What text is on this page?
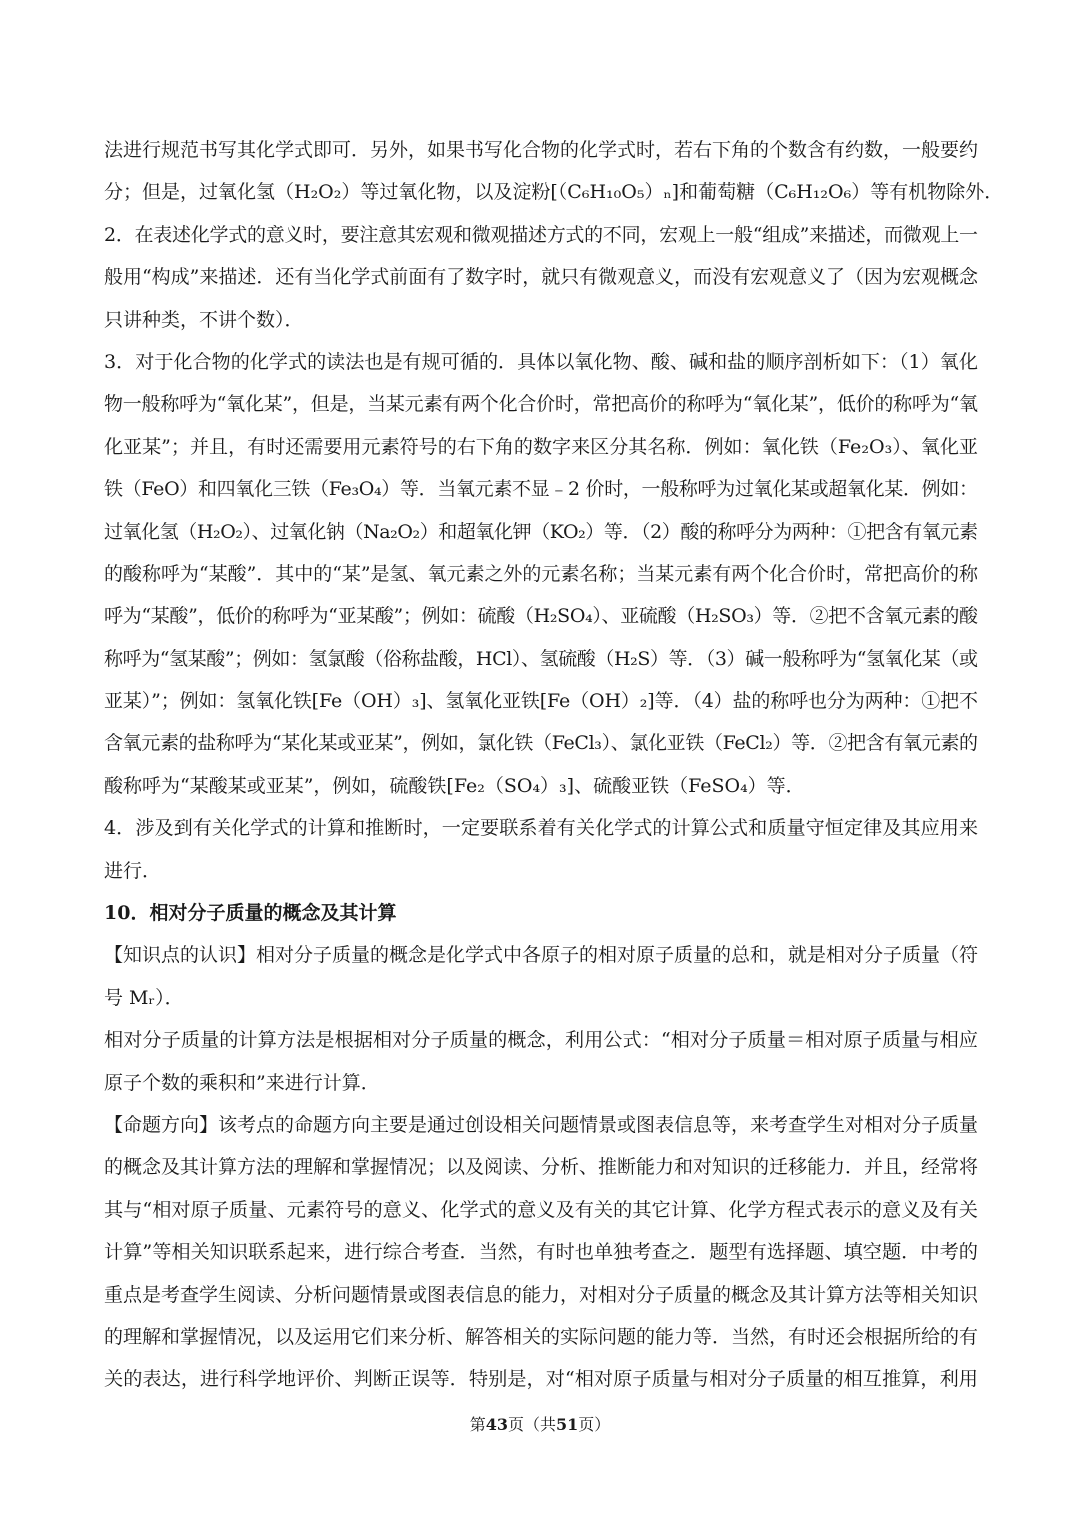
法进行规范书写其化学式即可．另外，如果书写化合物的化学式时，若右下角的个数含有约数，一般要约
分；但是，过氧化氢（H₂O₂）等过氧化物，以及淀粉[（C₆H₁₀O₅）ₙ]和葡萄糖（C₆H₁₂O₆）等有机物除外．
2．在表述化学式的意义时，要注意其宏观和微观描述方式的不同，宏观上一般“组成”来描述，而微观上一
般用“构成”来描述．还有当化学式前面有了数字时，就只有微观意义，而没有宏观意义了（因为宏观概念
只讲种类，不讲个数）．
3．对于化合物的化学式的读法也是有规可循的．具体以氧化物、酸、碱和盐的顺序剖析如下：（1）氧化
物一般称呼为“氧化某”，但是，当某元素有两个化合价时，常把高价的称呼为“氧化某”，低价的称呼为“氧
化亚某”；并且，有时还需要用元素符号的右下角的数字来区分其名称．例如：氧化铁（Fe₂O₃）、氧化亚
铁（FeO）和四氧化三铁（Fe₃O₄）等．当氧元素不显﹣2 价时，一般称呼为过氧化某或超氧化某．例如：
过氧化氢（H₂O₂）、过氧化钠（Na₂O₂）和超氧化钾（KO₂）等．（2）酸的称呼分为两种：①把含有氧元素
的酸称呼为“某酸”．其中的“某”是氢、氧元素之外的元素名称；当某元素有两个化合价时，常把高价的称
呼为“某酸”，低价的称呼为“亚某酸”；例如：硫酸（H₂SO₄）、亚硫酸（H₂SO₃）等．②把不含氧元素的酸
称呼为“氢某酸”；例如：氢氯酸（俗称盐酸，HCl）、氢硫酸（H₂S）等．（3）碱一般称呼为“氢氧化某（或
亚某）”；例如：氢氧化铁[Fe（OH）₃]、氢氧化亚铁[Fe（OH）₂]等．（4）盐的称呼也分为两种：①把不
含氧元素的盐称呼为“某化某或亚某”，例如，氯化铁（FeCl₃）、氯化亚铁（FeCl₂）等．②把含有氧元素的
酸称呼为“某酸某或亚某”，例如，硫酸铁[Fe₂（SO₄）₃]、硫酸亚铁（FeSO₄）等．
4．涉及到有关化学式的计算和推断时，一定要联系着有关化学式的计算公式和质量守恒定律及其应用来
进行．
10．相对分子质量的概念及其计算
【知识点的认识】相对分子质量的概念是化学式中各原子的相对原子质量的总和，就是相对分子质量（符
号 Mᵣ）．
相对分子质量的计算方法是根据相对分子质量的概念，利用公式：“相对分子质量＝相对原子质量与相应
原子个数的乘积和”来进行计算．
【命题方向】该考点的命题方向主要是通过创设相关问题情景或图表信息等，来考查学生对相对分子质量
的概念及其计算方法的理解和掌握情况；以及阅读、分析、推断能力和对知识的迁移能力．并且，经常将
其与“相对原子质量、元素符号的意义、化学式的意义及有关的其它计算、化学方程式表示的意义及有关
计算”等相关知识联系起来，进行综合考查．当然，有时也单独考查之．题型有选择题、填空题．中考的
重点是考查学生阅读、分析问题情景或图表信息的能力，对相对分子质量的概念及其计算方法等相关知识
的理解和掌握情况，以及运用它们来分析、解答相关的实际问题的能力等．当然，有时还会根据所给的有
关的表达，进行科学地评价、判断正误等．特别是，对“相对原子质量与相对分子质量的相互推算，利用
第43页（共51页）
